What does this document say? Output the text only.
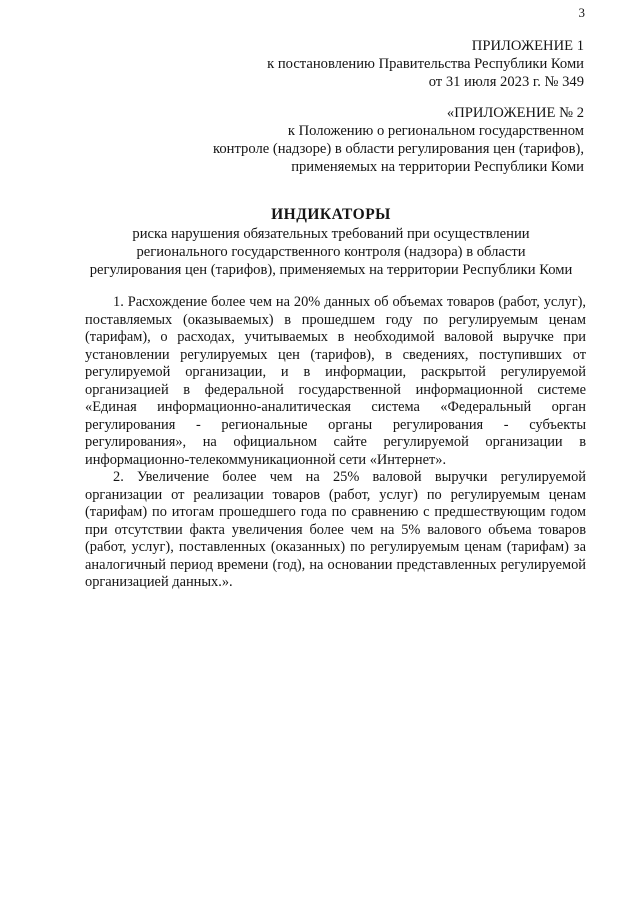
3
ПРИЛОЖЕНИЕ 1
к постановлению Правительства Республики Коми
от 31 июля 2023 г. № 349
«ПРИЛОЖЕНИЕ № 2
к Положению о региональном государственном
контроле (надзоре) в области регулирования цен (тарифов),
применяемых на территории Республики Коми
ИНДИКАТОРЫ
риска нарушения обязательных требований при осуществлении
регионального государственного контроля (надзора) в области
регулирования цен (тарифов), применяемых на территории Республики Коми

1. Расхождение более чем на 20% данных об объемах товаров (работ, услуг), поставляемых (оказываемых) в прошедшем году по регулируемым ценам (тарифам), о расходах, учитываемых в необходимой валовой выручке при установлении регулируемых цен (тарифов), в сведениях, поступивших от регулируемой организации, и в информации, раскрытой регулируемой организацией в федеральной государственной информационной системе «Единая информационно-аналитическая система «Федеральный орган регулирования - региональные органы регулирования - субъекты регулирования», на официальном сайте регулируемой организации в информационно-телекоммуникационной сети «Интернет».

2. Увеличение более чем на 25% валовой выручки регулируемой организации от реализации товаров (работ, услуг) по регулируемым ценам (тарифам) по итогам прошедшего года по сравнению с предшествующим годом при отсутствии факта увеличения более чем на 5% валового объема товаров (работ, услуг), поставленных (оказанных) по регулируемым ценам (тарифам) за аналогичный период времени (год), на основании представленных регулируемой организацией данных.».
